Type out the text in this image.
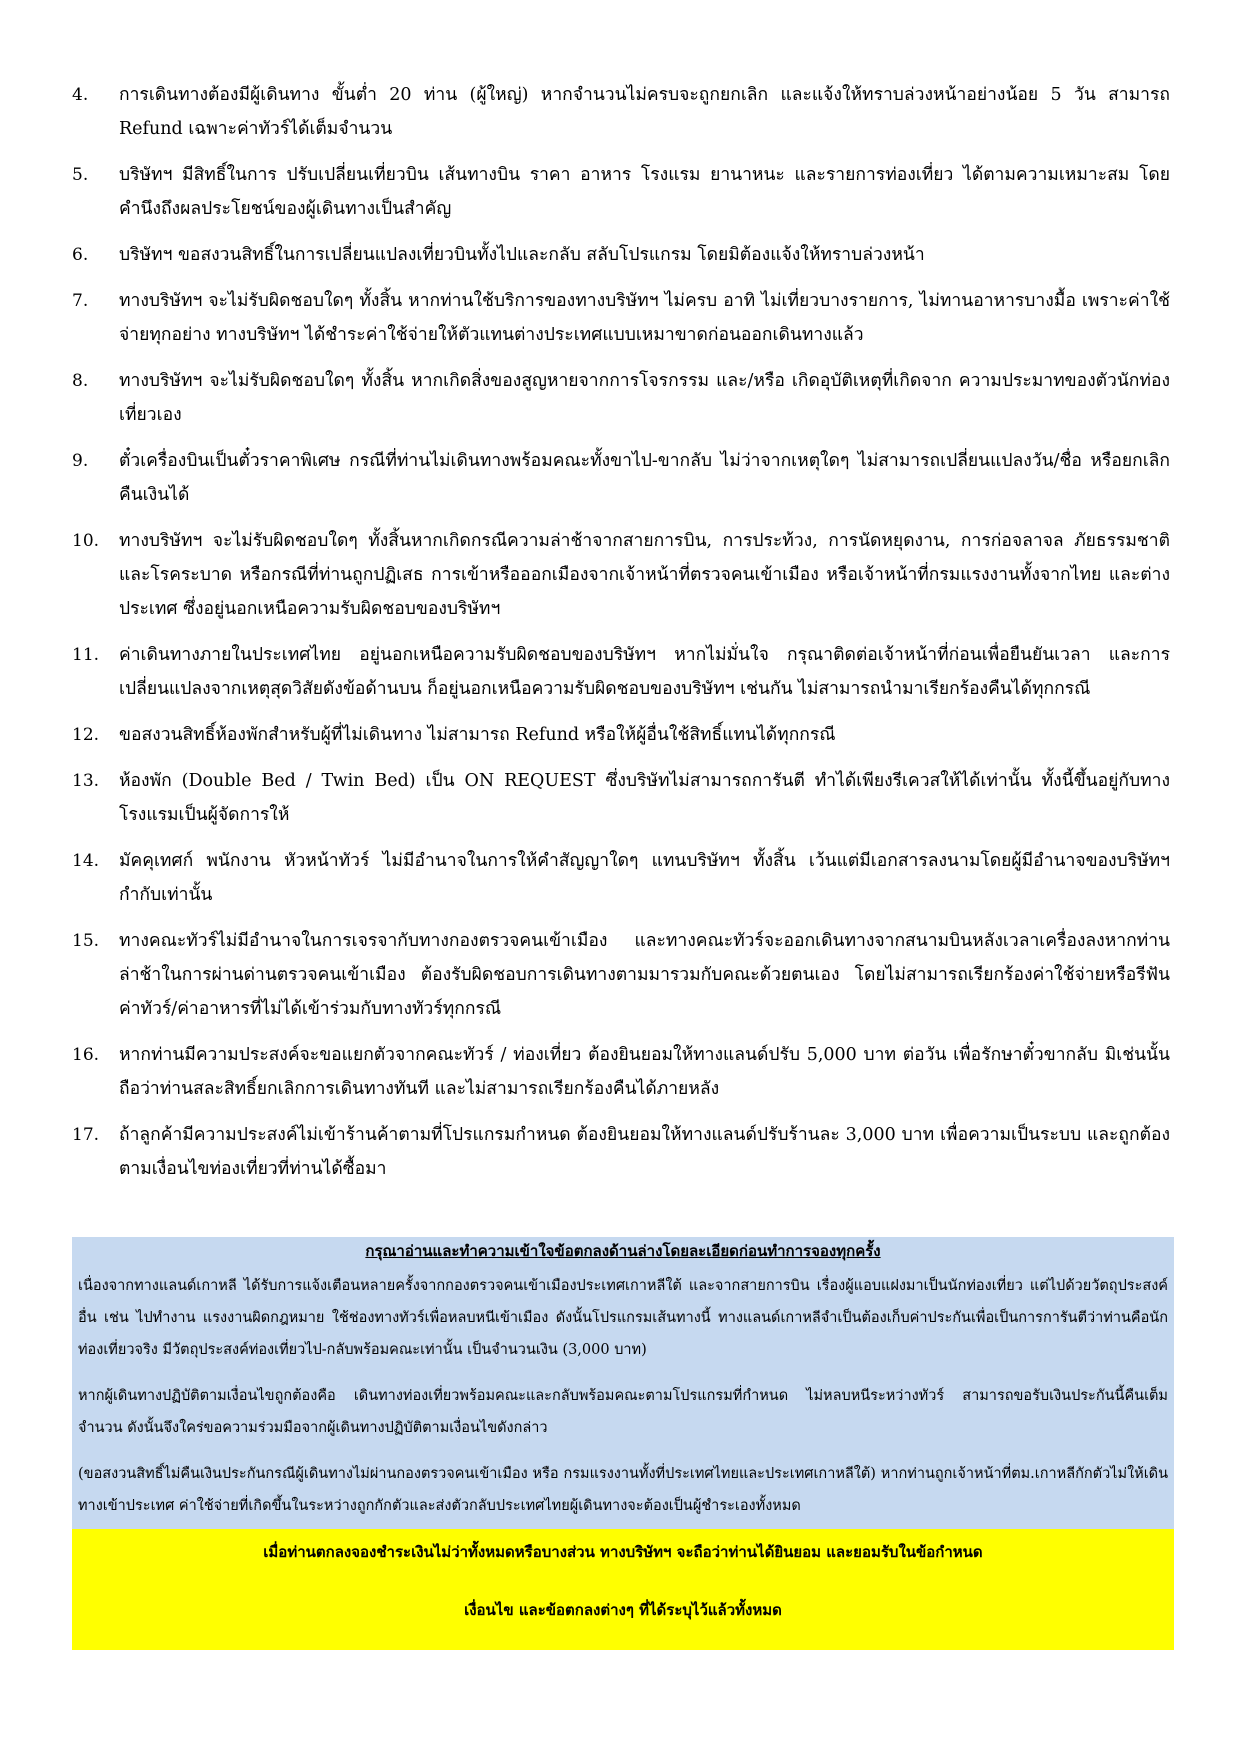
4.	การเดินทางต้องมีผู้เดินทาง ขั้นต่ำ 20 ท่าน (ผู้ใหญ่) หากจำนวนไม่ครบจะถูกยกเลิก และแจ้งให้ทราบล่วงหน้าอย่างน้อย 5 วัน สามารถ Refund เฉพาะค่าทัวร์ได้เต็มจำนวน
5.	บริษัทฯ มีสิทธิ์ในการ ปรับเปลี่ยนเที่ยวบิน เส้นทางบิน ราคา อาหาร โรงแรม ยานาหนะ และรายการท่องเที่ยว ได้ตามความเหมาะสม โดยคำนึงถึงผลประโยชน์ของผู้เดินทางเป็นสำคัญ
6.	บริษัทฯ ขอสงวนสิทธิ์ในการเปลี่ยนแปลงเที่ยวบินทั้งไปและกลับ สลับโปรแกรม โดยมิต้องแจ้งให้ทราบล่วงหน้า
7.	ทางบริษัทฯ จะไม่รับผิดชอบใดๆ ทั้งสิ้น หากท่านใช้บริการของทางบริษัทฯ ไม่ครบ อาทิ ไม่เที่ยวบางรายการ, ไม่ทานอาหารบางมื้อ เพราะค่าใช้จ่ายทุกอย่าง ทางบริษัทฯ ได้ชำระค่าใช้จ่ายให้ตัวแทนต่างประเทศแบบเหมาขาดก่อนออกเดินทางแล้ว
8.	ทางบริษัทฯ จะไม่รับผิดชอบใดๆ ทั้งสิ้น หากเกิดสิ่งของสูญหายจากการโจรกรรม และ/หรือ เกิดอุบัติเหตุที่เกิดจาก ความประมาทของตัวนักท่องเที่ยวเอง
9.	ตั๋วเครื่องบินเป็นตั๋วราคาพิเศษ กรณีที่ท่านไม่เดินทางพร้อมคณะทั้งขาไป-ขากลับ ไม่ว่าจากเหตุใดๆ ไม่สามารถเปลี่ยนแปลงวัน/ชื่อ หรือยกเลิกคืนเงินได้
10.	ทางบริษัทฯ จะไม่รับผิดชอบใดๆ ทั้งสิ้นหากเกิดกรณีความล่าช้าจากสายการบิน, การประท้วง, การนัดหยุดงาน, การก่อจลาจล ภัยธรรมชาติ และโรคระบาด หรือกรณีที่ท่านถูกปฏิเสธ การเข้าหรือออกเมืองจากเจ้าหน้าที่ตรวจคนเข้าเมือง หรือเจ้าหน้าที่กรมแรงงานทั้งจากไทย และต่างประเทศ ซึ่งอยู่นอกเหนือความรับผิดชอบของบริษัทฯ
11.	ค่าเดินทางภายในประเทศไทย อยู่นอกเหนือความรับผิดชอบของบริษัทฯ หากไม่มั่นใจ กรุณาติดต่อเจ้าหน้าที่ก่อนเพื่อยืนยันเวลา และการเปลี่ยนแปลงจากเหตุสุดวิสัยดังข้อด้านบน ก็อยู่นอกเหนือความรับผิดชอบของบริษัทฯ เช่นกัน ไม่สามารถนำมาเรียกร้องคืนได้ทุกกรณี
12.	ขอสงวนสิทธิ์ห้องพักสำหรับผู้ที่ไม่เดินทาง ไม่สามารถ Refund หรือให้ผู้อื่นใช้สิทธิ์แทนได้ทุกกรณี
13.	ห้องพัก (Double Bed / Twin Bed) เป็น ON REQUEST ซึ่งบริษัทไม่สามารถการันตี ทำได้เพียงรีเควสให้ได้เท่านั้น ทั้งนี้ขึ้นอยู่กับทางโรงแรมเป็นผู้จัดการให้
14.	มัคคุเทศก์ พนักงาน หัวหน้าทัวร์ ไม่มีอำนาจในการให้คำสัญญาใดๆ แทนบริษัทฯ ทั้งสิ้น เว้นแต่มีเอกสารลงนามโดยผู้มีอำนาจของบริษัทฯ กำกับเท่านั้น
15.	ทางคณะทัวร์ไม่มีอำนาจในการเจรจากับทางกองตรวจคนเข้าเมือง และทางคณะทัวร์จะออกเดินทางจากสนามบินหลังเวลาเครื่องลงหากท่านล่าช้าในการผ่านด่านตรวจคนเข้าเมือง ต้องรับผิดชอบการเดินทางตามมารวมกับคณะด้วยตนเอง โดยไม่สามารถเรียกร้องค่าใช้จ่ายหรือรีฟันค่าทัวร์/ค่าอาหารที่ไม่ได้เข้าร่วมกับทางทัวร์ทุกกรณี
16.	หากท่านมีความประสงค์จะขอแยกตัวจากคณะทัวร์ / ท่องเที่ยว ต้องยินยอมให้ทางแลนด์ปรับ 5,000 บาท ต่อวัน เพื่อรักษาตั๋วขากลับ มิเช่นนั้นถือว่าท่านสละสิทธิ์ยกเลิกการเดินทางทันที และไม่สามารถเรียกร้องคืนได้ภายหลัง
17.	ถ้าลูกค้ามีความประสงค์ไม่เข้าร้านค้าตามที่โปรแกรมกำหนด ต้องยินยอมให้ทางแลนด์ปรับร้านละ 3,000 บาท เพื่อความเป็นระบบ และถูกต้องตามเงื่อนไขท่องเที่ยวที่ท่านได้ซื้อมา
กรุณาอ่านและทำความเข้าใจข้อตกลงด้านล่างโดยละเอียดก่อนทำการจองทุกครั้ง

เนื่องจากทางแลนด์เกาหลี ได้รับการแจ้งเตือนหลายครั้งจากกองตรวจคนเข้าเมืองประเทศเกาหลีใต้ และจากสายการบิน เรื่องผู้แอบแฝงมาเป็นนักท่องเที่ยว แต่ไปด้วยวัตถุประสงค์อื่น เช่น ไปทำงาน แรงงานผิดกฎหมาย ใช้ช่องทางทัวร์เพื่อหลบหนีเข้าเมือง ดังนั้นโปรแกรมเส้นทางนี้ ทางแลนด์เกาหลีจำเป็นต้องเก็บค่าประกันเพื่อเป็นการการันตีว่าท่านคือนักท่องเที่ยวจริง มีวัตถุประสงค์ท่องเที่ยวไป-กลับพร้อมคณะเท่านั้น เป็นจำนวนเงิน (3,000 บาท)

หากผู้เดินทางปฏิบัติตามเงื่อนไขถูกต้องคือ เดินทางท่องเที่ยวพร้อมคณะและกลับพร้อมคณะตามโปรแกรมที่กำหนด ไม่หลบหนีระหว่างทัวร์ สามารถขอรับเงินประกันนี้คืนเต็มจำนวน ดังนั้นจึงใคร่ขอความร่วมมือจากผู้เดินทางปฏิบัติตามเงื่อนไขดังกล่าว

(ขอสงวนสิทธิ์ไม่คืนเงินประกันกรณีผู้เดินทางไม่ผ่านกองตรวจคนเข้าเมือง หรือ กรมแรงงานทั้งที่ประเทศไทยและประเทศเกาหลีใต้) หากท่านถูกเจ้าหน้าที่ตม.เกาหลีกักตัวไม่ให้เดินทางเข้าประเทศ ค่าใช้จ่ายที่เกิดขึ้นในระหว่างถูกกักตัวและส่งตัวกลับประเทศไทยผู้เดินทางจะต้องเป็นผู้ชำระเองทั้งหมด

เมื่อท่านตกลงจองชำระเงินไม่ว่าทั้งหมดหรือบางส่วน ทางบริษัทฯ จะถือว่าท่านได้ยินยอม และยอมรับในข้อกำหนด
เงื่อนไข และข้อตกลงต่างๆ ที่ได้ระบุไว้แล้วทั้งหมด
